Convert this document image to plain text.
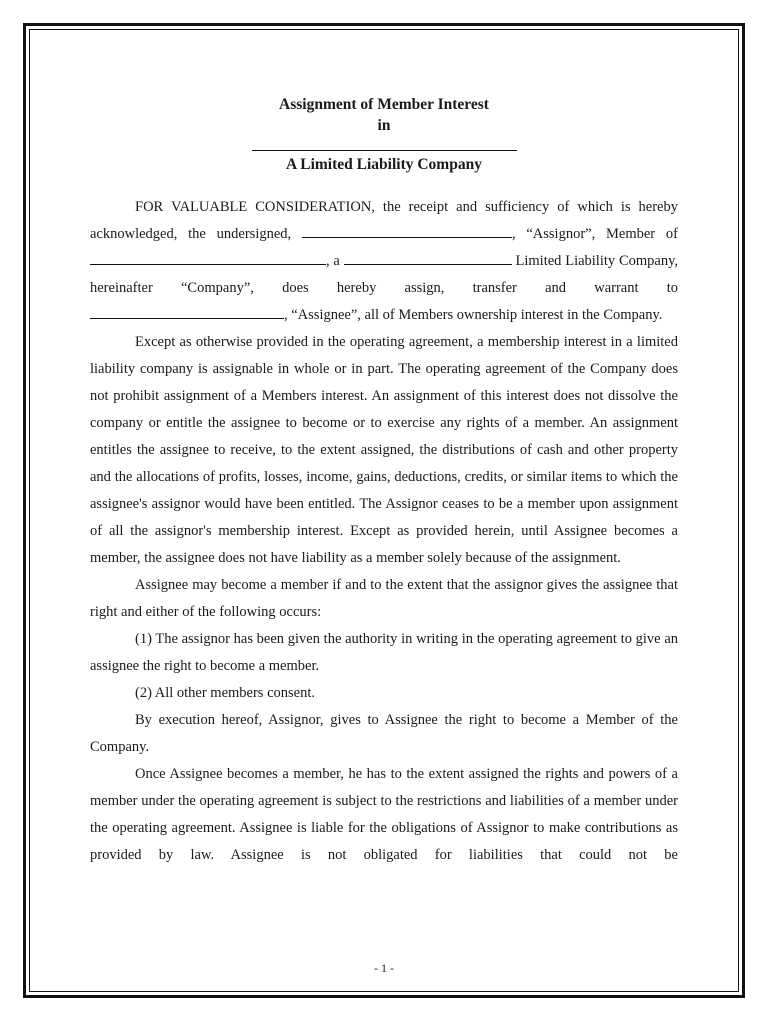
Assignment of Member Interest
in
A Limited Liability Company

FOR VALUABLE CONSIDERATION, the receipt and sufficiency of which is hereby acknowledged, the undersigned,	, “Assignor”, Member of , a	Limited Liability Company, hereinafter “Company”, does hereby assign, transfer and warrant to , “Assignee”, all of Members ownership interest in the Company.

Except as otherwise provided in the operating agreement, a membership interest in a limited liability company is assignable in whole or in part. The operating agreement of the Company does not prohibit assignment of a Members interest. An assignment of this interest does not dissolve the company or entitle the assignee to become or to exercise any rights of a member. An assignment entitles the assignee to receive, to the extent assigned, the distributions of cash and other property and the allocations of profits, losses, income, gains, deductions, credits, or similar items to which the assignee's assignor would have been entitled. The Assignor ceases to be a member upon assignment of all the assignor's membership interest. Except as provided herein, until Assignee becomes a member, the assignee does not have liability as a member solely because of the assignment.

Assignee may become a member if and to the extent that the assignor gives the assignee that right and either of the following occurs:

(1) The assignor has been given the authority in writing in the operating agreement to give an assignee the right to become a member.

(2) All other members consent.

By execution hereof, Assignor, gives to Assignee the right to become a Member of the Company.

Once Assignee becomes a member, he has to the extent assigned the rights and powers of a member under the operating agreement is subject to the restrictions and liabilities of a member under the operating agreement. Assignee is liable for the obligations of Assignor to make contributions as provided by law. Assignee is not obligated for liabilities that could not be

- 1 -
